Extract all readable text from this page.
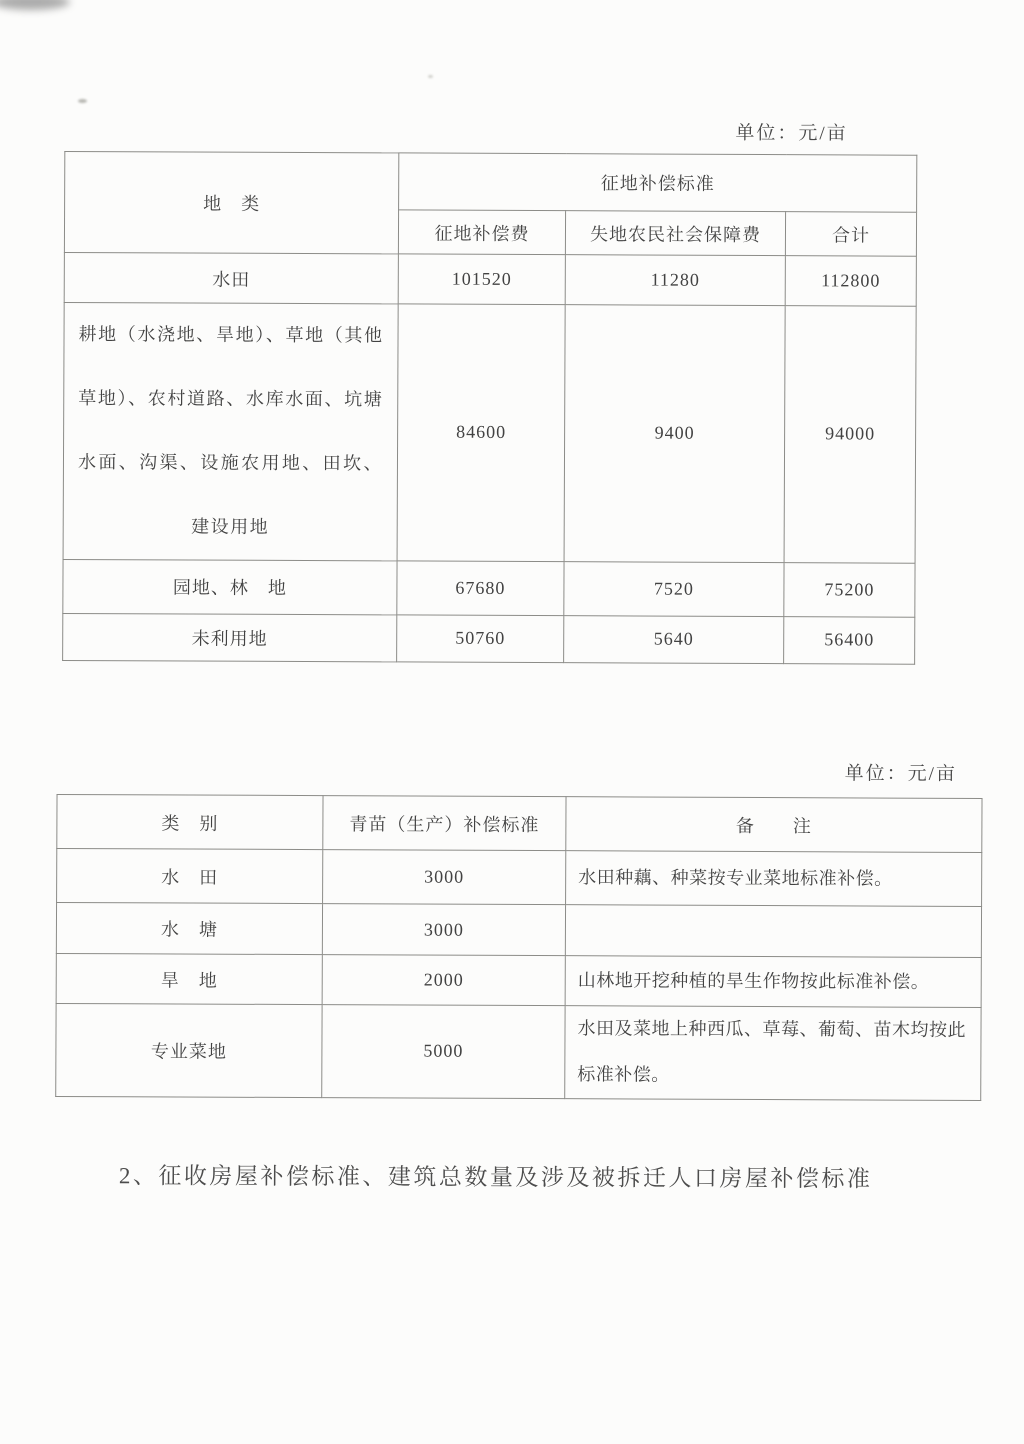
单位：元/亩
地　类	征地补偿标准		
	征地补偿费	失地农民社会保障费	合计
水田	101520	11280	112800
耕地（水浇地、旱地）、草地（其他草地）、农村道路、水库水面、坑塘水面、沟渠、设施农用地、田坎、建设用地	84600	9400	94000
园地、林　地	67680	7520	75200
未利用地	50760	5640	56400
单位：元/亩
类　别	青苗（生产）补偿标准	备　　注
水　田	3000	水田种藕、种菜按专业菜地标准补偿。
水　塘	3000	
旱　地	2000	山林地开挖种植的旱生作物按此标准补偿。
专业菜地	5000	水田及菜地上种西瓜、草莓、葡萄、苗木均按此标准补偿。
2、征收房屋补偿标准、建筑总数量及涉及被拆迁人口房屋补偿标准
